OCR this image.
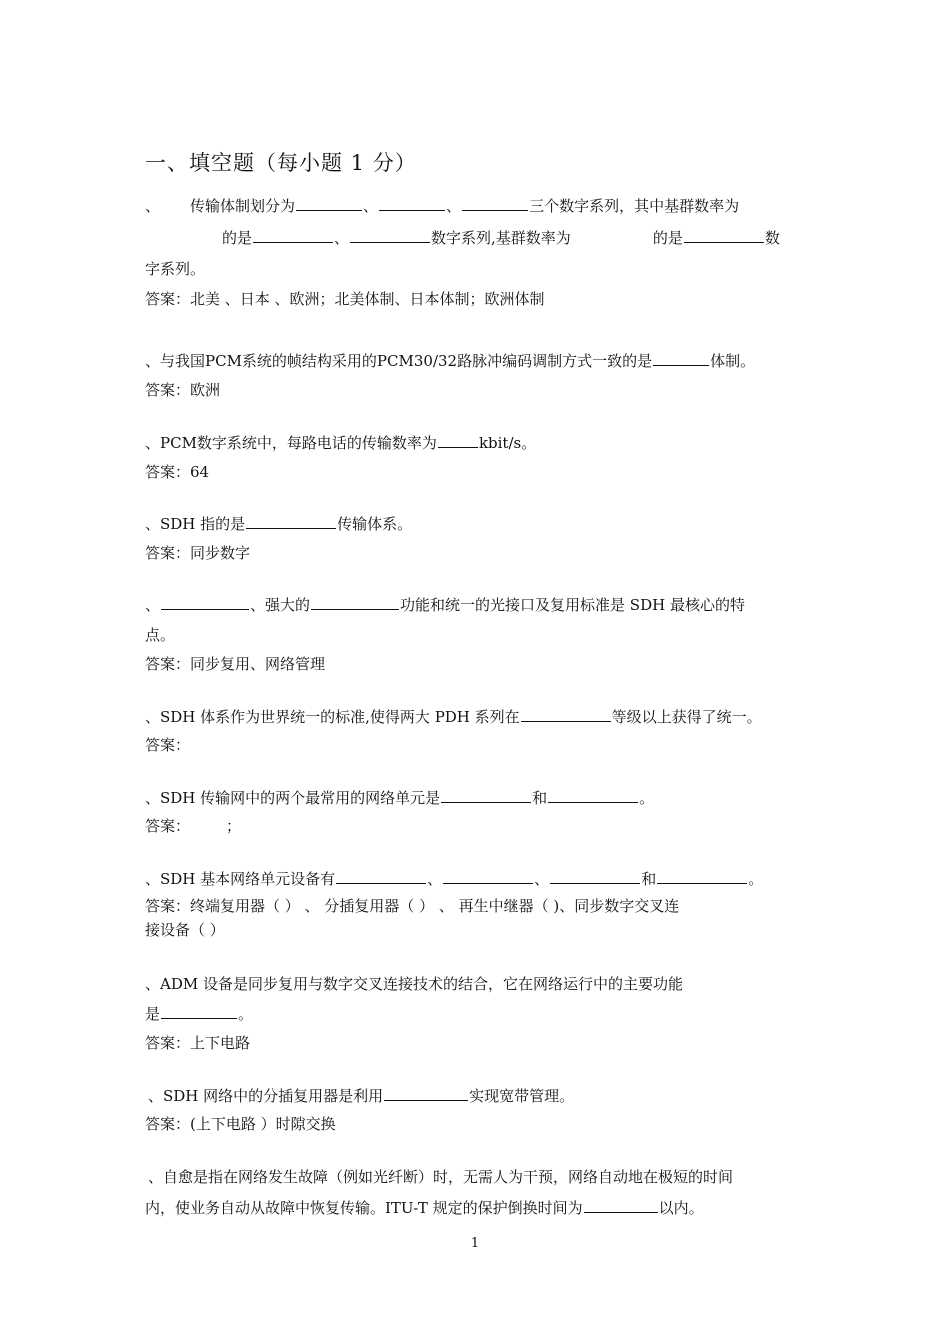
一、填空题（每小题 1 分）
、 传输体制划分为	、	、	三个数字系列，其中基群数率为
的是	、	数字系列,基群数率为	的是	数
字系列。
答案：北美 、日本 、欧洲；北美体制、日本体制；欧洲体制
、与我国PCM系统的帧结构采用的PCM30/32路脉冲编码调制方式一致的是	体制。
答案：欧洲
、PCM数字系统中，每路电话的传输数率为	kbit/s。
答案：64
、SDH 指的是	传输体系。
答案：同步数字
、	、强大的	功能和统一的光接口及复用标准是 SDH 最核心的特
点。
答案：同步复用、网络管理
、SDH 体系作为世界统一的标准,使得两大 PDH 系列在	等级以上获得了统一。
答案：
、SDH 传输网中的两个最常用的网络单元是	和	。
答案： ；
、SDH 基本网络单元设备有	、	、	和	。
答案：终端复用器（ ） 、 分插复用器（ ） 、 再生中继器（ )、同步数字交叉连
接设备（ ）
、ADM 设备是同步复用与数字交叉连接技术的结合，它在网络运行中的主要功能
是	。
答案：上下电路
、SDH 网络中的分插复用器是利用	实现宽带管理。
答案：(上下电路 ）时隙交换
、自愈是指在网络发生故障（例如光纤断）时，无需人为干预，网络自动地在极短的时间
内，使业务自动从故障中恢复传输。ITU-T 规定的保护倒换时间为	以内。
1
